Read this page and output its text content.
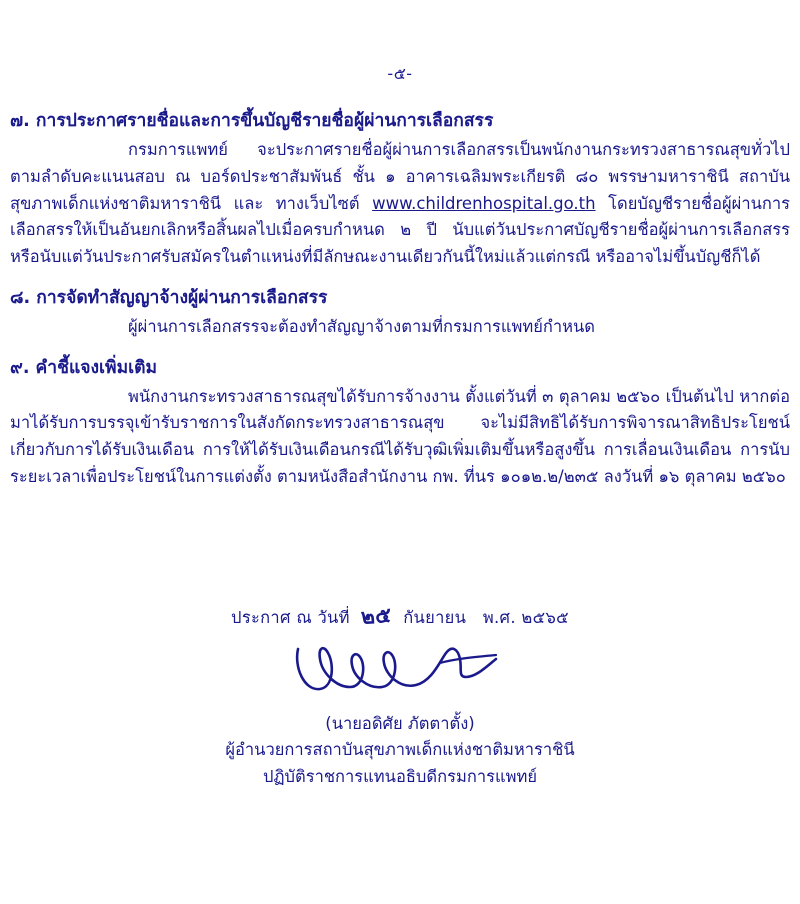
-๕-

๗. การประกาศรายชื่อและการขึ้นบัญชีรายชื่อผู้ผ่านการเลือกสรร

กรมการแพทย์ จะประกาศรายชื่อผู้ผ่านการเลือกสรรเป็นพนักงานกระทรวงสาธารณสุขทั่วไปตามลำดับคะแนนสอบ ณ บอร์ดประชาสัมพันธ์ ชั้น ๑ อาคารเฉลิมพระเกียรติ ๘๐ พรรษามหาราชินี สถาบันสุขภาพเด็กแห่งชาติมหาราชินี และ ทางเว็บไซต์ www.childrenhospital.go.th โดยบัญชีรายชื่อผู้ผ่านการเลือกสรรให้เป็นอันยกเลิกหรือสิ้นผลไปเมื่อครบกำหนด ๒ ปี นับแต่วันประกาศบัญชีรายชื่อผู้ผ่านการเลือกสรร หรือนับแต่วันประกาศรับสมัครในตำแหน่งที่มีลักษณะงานเดียวกันนี้ใหม่แล้วแต่กรณี หรืออาจไม่ขึ้นบัญชีก็ได้

๘. การจัดทำสัญญาจ้างผู้ผ่านการเลือกสรร

ผู้ผ่านการเลือกสรรจะต้องทำสัญญาจ้างตามที่กรมการแพทย์กำหนด

๙. คำชี้แจงเพิ่มเติม

พนักงานกระทรวงสาธารณสุขได้รับการจ้างงาน ตั้งแต่วันที่ ๓ ตุลาคม ๒๕๖๐ เป็นต้นไป หากต่อมาได้รับการบรรจุเข้ารับราชการในสังกัดกระทรวงสาธารณสุข จะไม่มีสิทธิได้รับการพิจารณาสิทธิประโยชน์เกี่ยวกับการได้รับเงินเดือน การให้ได้รับเงินเดือนกรณีได้รับวุฒิเพิ่มเติมขึ้นหรือสูงขึ้น การเลื่อนเงินเดือน การนับระยะเวลาเพื่อประโยชน์ในการแต่งตั้ง ตามหนังสือสำนักงาน กพ. ที่นร ๑๐๑๒.๒/๒๓๕ ลงวันที่ ๑๖ ตุลาคม ๒๕๖๐

ประกาศ ณ วันที่ ๒๕ กันยายน พ.ศ. ๒๕๖๕
(นายอดิศัย ภัตตาตั้ง)
ผู้อำนวยการสถาบันสุขภาพเด็กแห่งชาติมหาราชินี
ปฏิบัติราชการแทนอธิบดีกรมการแพทย์
